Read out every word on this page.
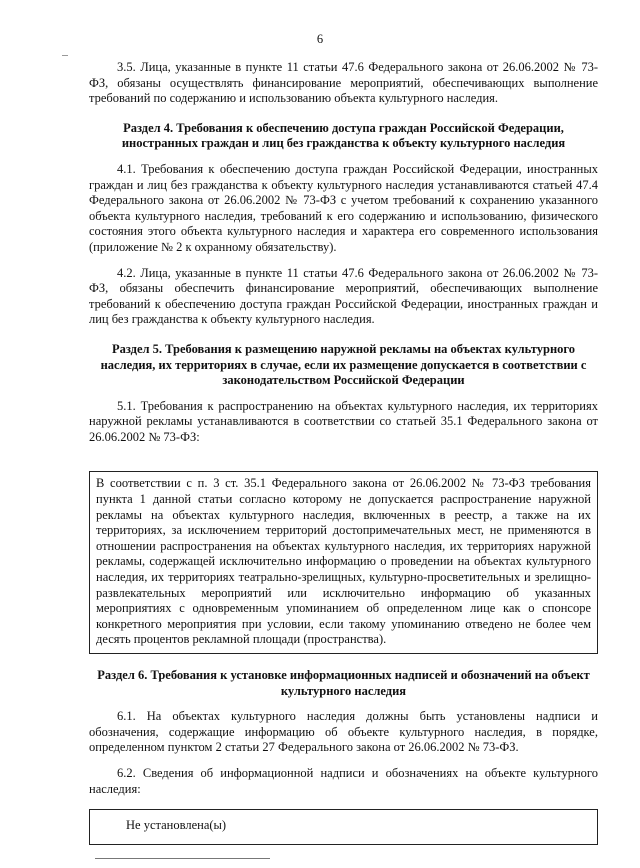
6

3.5. Лица, указанные в пункте 11 статьи 47.6 Федерального закона от 26.06.2002 № 73-ФЗ, обязаны осуществлять финансирование мероприятий, обеспечивающих выполнение требований по содержанию и использованию объекта культурного наследия.

Раздел 4. Требования к обеспечению доступа граждан Российской Федерации, иностранных граждан и лиц без гражданства к объекту культурного наследия

4.1. Требования к обеспечению доступа граждан Российской Федерации, иностранных граждан и лиц без гражданства к объекту культурного наследия устанавливаются статьей 47.4 Федерального закона от 26.06.2002 № 73-ФЗ с учетом требований к сохранению указанного объекта культурного наследия, требований к его содержанию и использованию, физического состояния этого объекта культурного наследия и характера его современного использования (приложение № 2 к охранному обязательству).

4.2. Лица, указанные в пункте 11 статьи 47.6 Федерального закона от 26.06.2002 № 73-ФЗ, обязаны обеспечить финансирование мероприятий, обеспечивающих выполнение требований к обеспечению доступа граждан Российской Федерации, иностранных граждан и лиц без гражданства к объекту культурного наследия.

Раздел 5. Требования к размещению наружной рекламы на объектах культурного наследия, их территориях в случае, если их размещение допускается в соответствии с законодательством Российской Федерации

5.1. Требования к распространению на объектах культурного наследия, их территориях наружной рекламы устанавливаются в соответствии со статьей 35.1 Федерального закона от 26.06.2002 № 73-ФЗ:

В соответствии с п. 3 ст. 35.1 Федерального закона от 26.06.2002 № 73-ФЗ требования пункта 1 данной статьи согласно которому не допускается распространение наружной рекламы на объектах культурного наследия, включенных в реестр, а также на их территориях, за исключением территорий достопримечательных мест, не применяются в отношении распространения на объектах культурного наследия, их территориях наружной рекламы, содержащей исключительно информацию о проведении на объектах культурного наследия, их территориях театрально-зрелищных, культурно-просветительных и зрелищно-развлекательных мероприятий или исключительно информацию об указанных мероприятиях с одновременным упоминанием об определенном лице как о спонсоре конкретного мероприятия при условии, если такому упоминанию отведено не более чем десять процентов рекламной площади (пространства).

Раздел 6. Требования к установке информационных надписей и обозначений на объект культурного наследия

6.1. На объектах культурного наследия должны быть установлены надписи и обозначения, содержащие информацию об объекте культурного наследия, в порядке, определенном пунктом 2 статьи 27 Федерального закона от 26.06.2002 № 73-ФЗ.

6.2. Сведения об информационной надписи и обозначениях на объекте культурного наследия:

Не установлена(ы)
